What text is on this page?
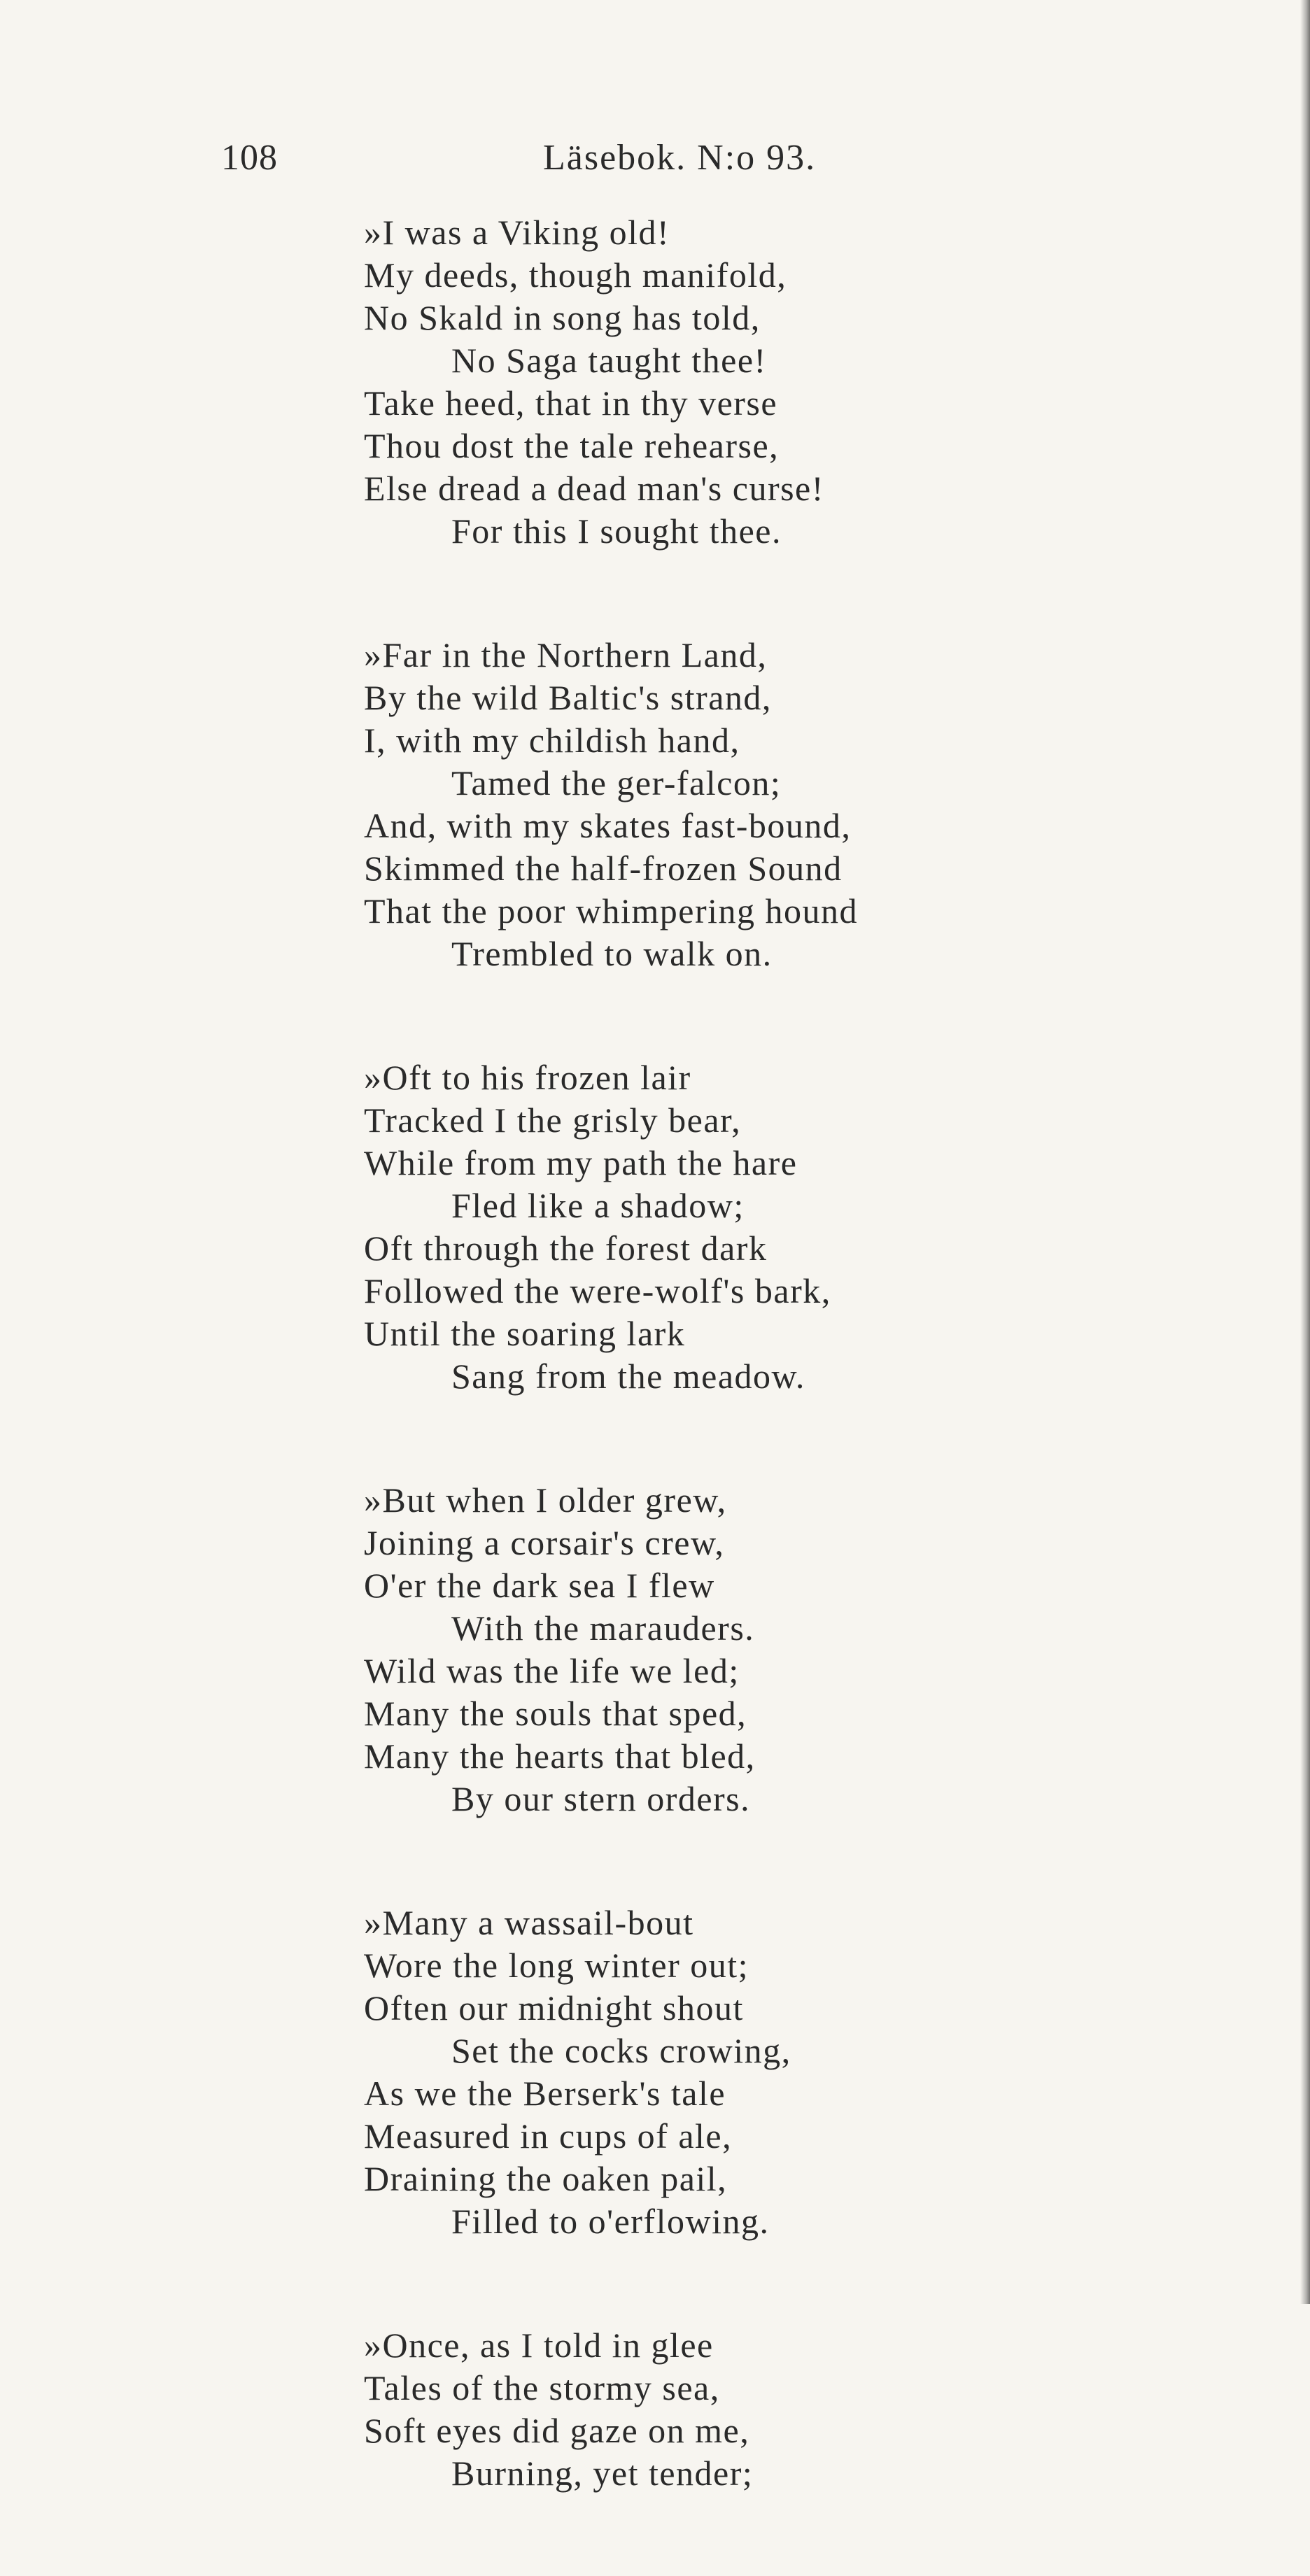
108	Läsebok. N:o 93.
»I was a Viking old!
My deeds, though manifold,
No Skald in song has told,
No Saga taught thee!
Take heed, that in thy verse
Thou dost the tale rehearse,
Else dread a dead man's curse!
For this I sought thee.
»Far in the Northern Land,
By the wild Baltic's strand,
I, with my childish hand,
Tamed the ger-falcon;
And, with my skates fast-bound,
Skimmed the half-frozen Sound
That the poor whimpering hound
Trembled to walk on.
»Oft to his frozen lair
Tracked I the grisly bear,
While from my path the hare
Fled like a shadow;
Oft through the forest dark
Followed the were-wolf's bark,
Until the soaring lark
Sang from the meadow.
»But when I older grew,
Joining a corsair's crew,
O'er the dark sea I flew
With the marauders.
Wild was the life we led;
Many the souls that sped,
Many the hearts that bled,
By our stern orders.
»Many a wassail-bout
Wore the long winter out;
Often our midnight shout
Set the cocks crowing,
As we the Berserk's tale
Measured in cups of ale,
Draining the oaken pail,
Filled to o'erflowing.
»Once, as I told in glee
Tales of the stormy sea,
Soft eyes did gaze on me,
Burning, yet tender;
